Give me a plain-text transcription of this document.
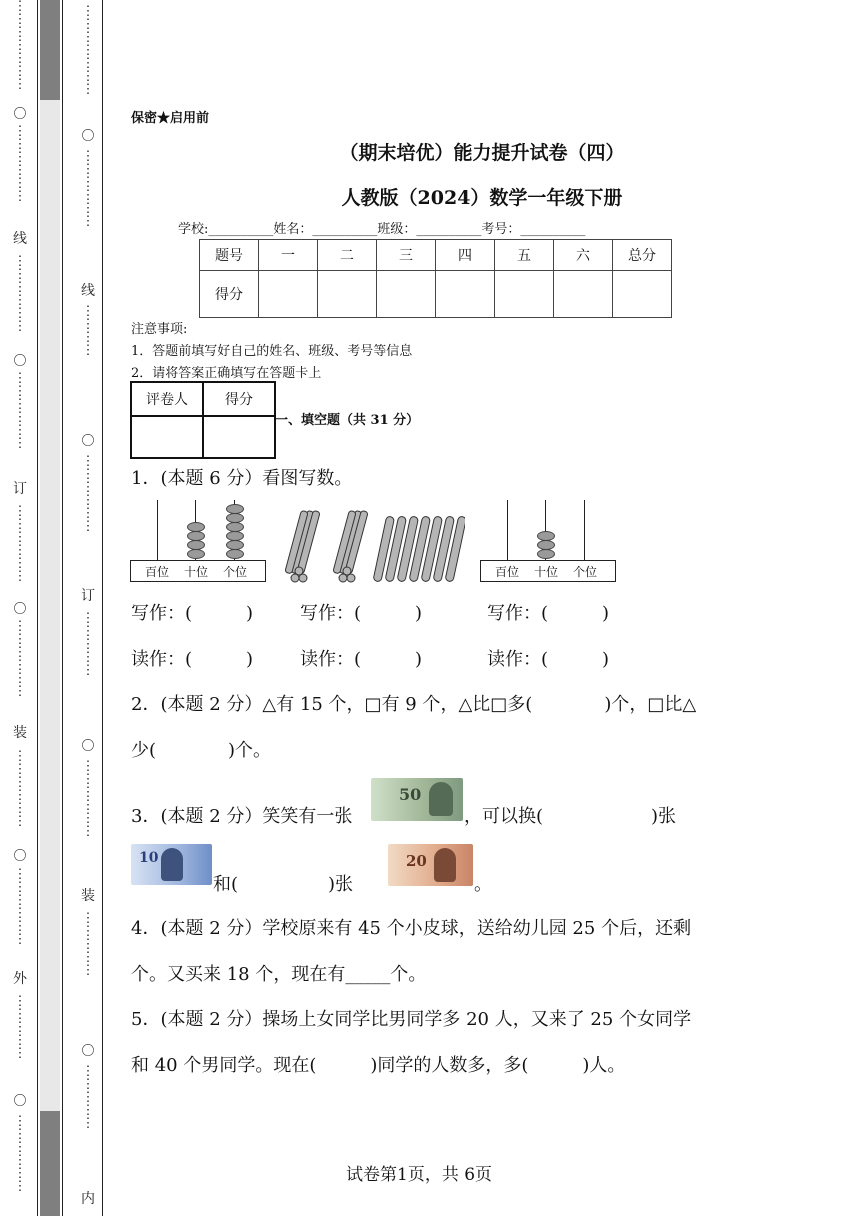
⋮
⋮
⋮
⋮
⋮
⋮
⋮
〇
⋮
⋮
⋮
⋮
⋮
⋮
线
⋮
⋮
⋮
⋮
⋮
⋮
〇
⋮
⋮
⋮
⋮
⋮
⋮
订
⋮
⋮
⋮
⋮
⋮
⋮
〇
⋮
⋮
⋮
⋮
⋮
⋮
装
⋮
⋮
⋮
⋮
⋮
⋮
〇
⋮
⋮
⋮
⋮
⋮
⋮
外
⋮
⋮
⋮
⋮
⋮
〇
⋮
⋮
⋮
⋮
⋮
⋮
⋮
⋮
⋮
⋮
⋮
⋮
⋮
〇
⋮
⋮
⋮
⋮
⋮
⋮
线
⋮
⋮
⋮
⋮
〇
⋮
⋮
⋮
⋮
⋮
⋮
订
⋮
⋮
⋮
⋮
⋮
〇
⋮
⋮
⋮
⋮
⋮
⋮
装
⋮
⋮
⋮
⋮
⋮
〇
⋮
⋮
⋮
⋮
⋮
内
保密★启用前
（期末培优）能力提升试卷（四）
人教版（2024）数学一年级下册
学校:__________姓名：__________班级：__________考号：__________
题号	一	二	三	四	五	六	总分
得分							
注意事项:
1．答题前填写好自己的姓名、班级、考号等信息
2．请将答案正确填写在答题卡上
评卷人	得分

一、填空题（共 31 分）
1．(本题 6 分）看图写数。
百位 十位 个位	百位 十位 个位
写作：(　　　)	写作：(　　　)	写作：(　　　)
读作：(　　　)	读作：(　　　)	读作：(　　　)
2．(本题 2 分）△有 15 个，□有 9 个，△比□多(　　　　)个，□比△
少(　　　　)个。
3．(本题 2 分）笑笑有一张
50
，可以换(　　　　　　)张
10
和(　　　　　)张
20
。
4．(本题 2 分）学校原来有 45 个小皮球，送给幼儿园 25 个后，还剩
个。又买来 18 个，现在有_____个。
5．(本题 2 分）操场上女同学比男同学多 20 人，又来了 25 个女同学
和 40 个男同学。现在(　　　)同学的人数多，多(　　　)人。
试卷第1页，共 6页
